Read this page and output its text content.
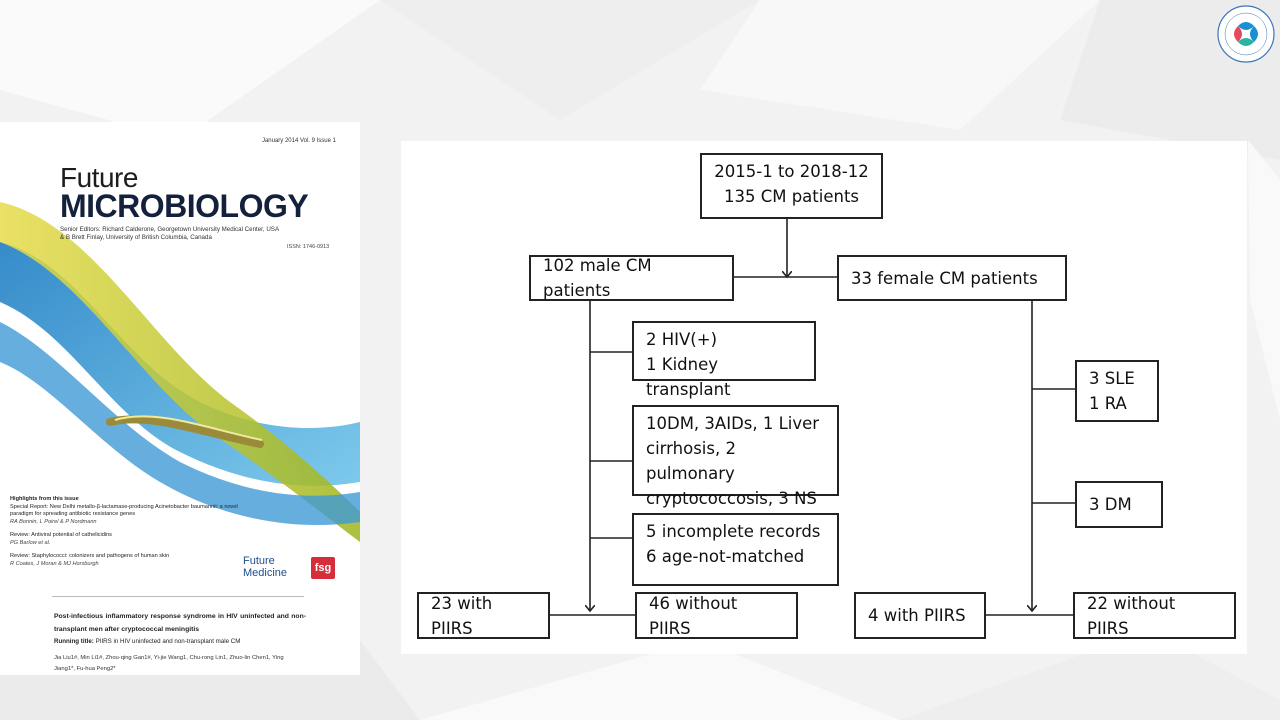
January 2014 Vol. 9 Issue 1
Future
MICROBIOLOGY
Senior Editors: Richard Calderone, Georgetown University Medical Center, USA
& B Brett Finlay, University of British Columbia, Canada
ISSN: 1746-0913
Highlights from this issue
Special Report: New Delhi metallo-β-lactamase-producing Acinetobacter baumannii: a novel paradigm for spreading antibiotic resistance genes
RA Bonnin, L Poirel & P Nordmann
Review: Antiviral potential of cathelicidins
PG Barlow et al.
Review: Staphylococci: colonizers and pathogens of human skin
R Coates, J Moran & MJ Horsburgh	Future
Medicine	fsg
Post-infectious inflammatory response syndrome in HIV uninfected and non-transplant men after cryptococcal meningitis
Running title: PIIRS in HIV uninfected and non-transplant male CM
Jia Liu1#, Min Li1#, Zhou-qing Gan1#, Yi-jie Wang1, Chu-rong Lin1, Zhuo-lin Chen1, Ying Jiang1*, Fu-hua Peng2*
2015-1 to 2018-12
135 CM patients
102 male CM patients
33 female CM patients
2 HIV(+)
1 Kidney transplant
10DM, 3AIDs, 1 Liver
cirrhosis, 2 pulmonary
cryptococcosis, 3 NS
5 incomplete records
6 age-not-matched
3 SLE
1 RA
3 DM
23 with PIIRS
46 without PIIRS
4 with PIIRS
22 without PIIRS
